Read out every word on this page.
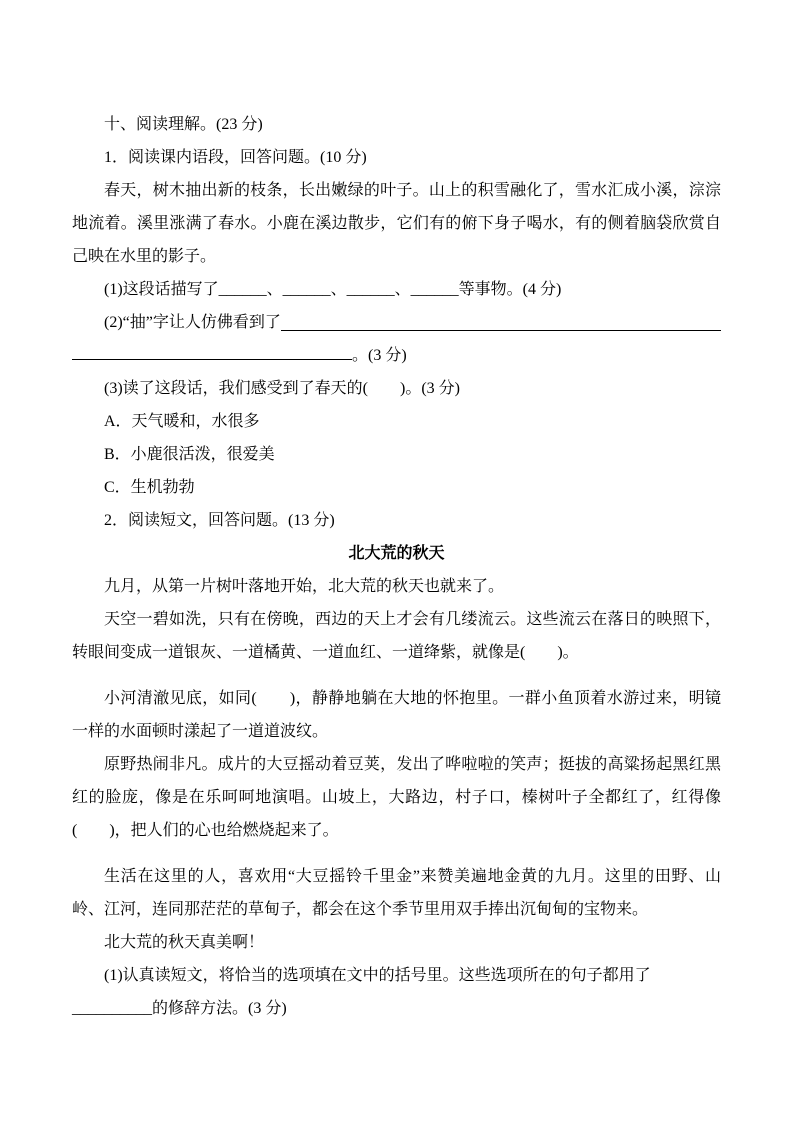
十、阅读理解。(23 分)

1．阅读课内语段，回答问题。(10 分)

春天，树木抽出新的枝条，长出嫩绿的叶子。山上的积雪融化了，雪水汇成小溪，淙淙地流着。溪里涨满了春水。小鹿在溪边散步，它们有的俯下身子喝水，有的侧着脑袋欣赏自己映在水里的影子。

(1)这段话描写了______、______、______、______等事物。(4 分)

(2)“抽”字让人仿佛看到了

。(3 分)

(3)读了这段话，我们感受到了春天的(　　)。(3 分)

A．天气暖和，水很多

B．小鹿很活泼，很爱美

C．生机勃勃

2．阅读短文，回答问题。(13 分)

北大荒的秋天

九月，从第一片树叶落地开始，北大荒的秋天也就来了。

天空一碧如洗，只有在傍晚，西边的天上才会有几缕流云。这些流云在落日的映照下，转眼间变成一道银灰、一道橘黄、一道血红、一道绛紫，就像是(　　)。

小河清澈见底，如同(　　)，静静地躺在大地的怀抱里。一群小鱼顶着水游过来，明镜一样的水面顿时漾起了一道道波纹。

原野热闹非凡。成片的大豆摇动着豆荚，发出了哗啦啦的笑声；挺拔的高粱扬起黑红黑红的脸庞，像是在乐呵呵地演唱。山坡上，大路边，村子口，榛树叶子全都红了，红得像(　　)，把人们的心也给燃烧起来了。

生活在这里的人，喜欢用“大豆摇铃千里金”来赞美遍地金黄的九月。这里的田野、山岭、江河，连同那茫茫的草甸子，都会在这个季节里用双手捧出沉甸甸的宝物来。

北大荒的秋天真美啊！

(1)认真读短文，将恰当的选项填在文中的括号里。这些选项所在的句子都用了

__________的修辞方法。(3 分)
